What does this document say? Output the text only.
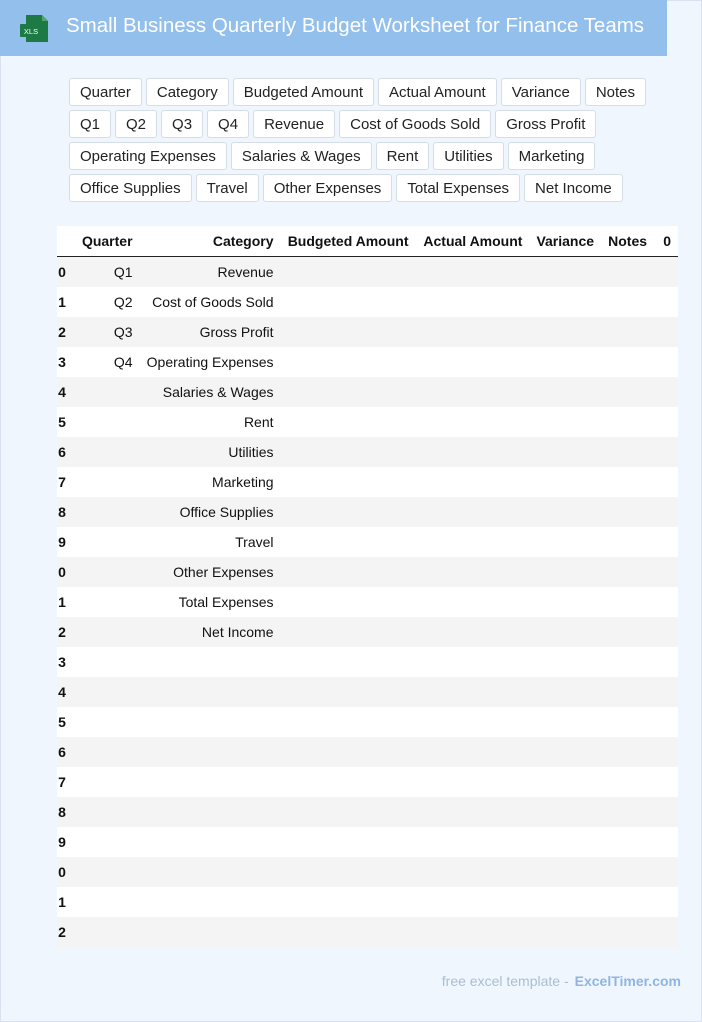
XLS Small Business Quarterly Budget Worksheet for Finance Teams
Quarter	Category	Budgeted Amount	Actual Amount	Variance	Notes
Q1	Q2	Q3	Q4	Revenue	Cost of Goods Sold	Gross Profit
Operating Expenses	Salaries & Wages	Rent	Utilities	Marketing
Office Supplies	Travel	Other Expenses	Total Expenses	Net Income
	Quarter	Category	Budgeted Amount	Actual Amount	Variance	Notes	0
0	Q1	Revenue					
1	Q2	Cost of Goods Sold					
2	Q3	Gross Profit					
3	Q4	Operating Expenses					
4		Salaries & Wages					
5		Rent					
6		Utilities					
7		Marketing					
8		Office Supplies					
9		Travel					
0		Other Expenses					
1		Total Expenses					
2		Net Income					
3							
4							
5							
6							
7							
8							
9							
0							
1							
2							
free excel template - ExcelTimer.com
